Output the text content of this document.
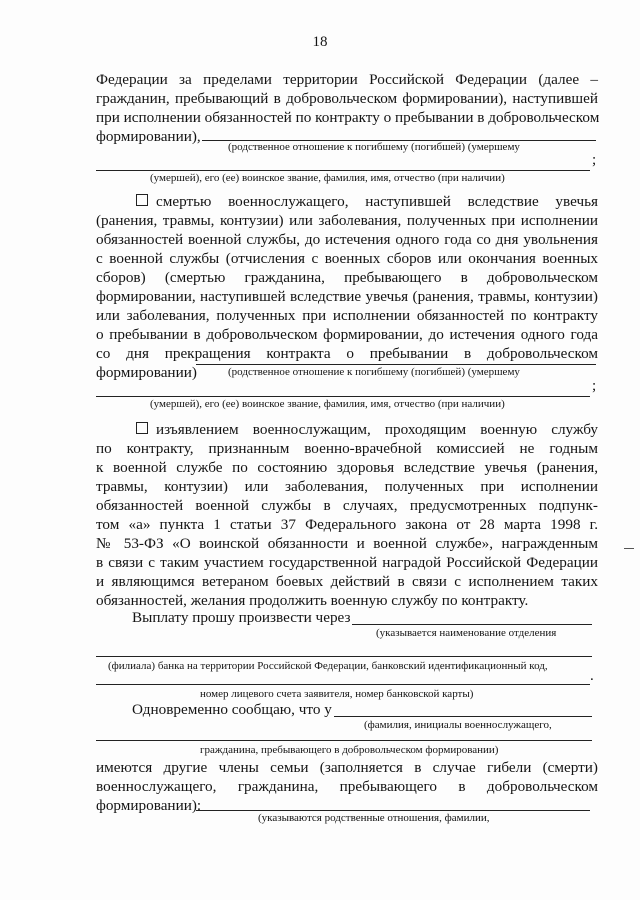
18
Федерации за пределами территории Российской Федерации (далее –
гражданин, пребывающий в добровольческом формировании), наступившей
при исполнении обязанностей по контракту о пребывании в добровольческом
формировании),
(родственное отношение к погибшему (погибшей) (умершему
;
(умершей), его (ее) воинское звание, фамилия, имя, отчество (при наличии)
смертью военнослужащего, наступившей вследствие увечья
(ранения, травмы, контузии) или заболевания, полученных при исполнении
обязанностей военной службы, до истечения одного года со дня увольнения
с военной службы (отчисления с военных сборов или окончания военных
сборов) (смертью гражданина, пребывающего в добровольческом
формировании, наступившей вследствие увечья (ранения, травмы, контузии)
или заболевания, полученных при исполнении обязанностей по контракту
о пребывании в добровольческом формировании, до истечения одного года
со дня прекращения контракта о пребывании в добровольческом
формировании)	(родственное отношение к погибшему (погибшей) (умершему
;
(умершей), его (ее) воинское звание, фамилия, имя, отчество (при наличии)
изъявлением военнослужащим, проходящим военную службу
по контракту, признанным военно-врачебной комиссией не годным
к военной службе по состоянию здоровья вследствие увечья (ранения,
травмы, контузии) или заболевания, полученных при исполнении
обязанностей военной службы в случаях, предусмотренных подпунк-
том «а» пункта 1 статьи 37 Федерального закона от 28 марта 1998 г.
№ 53-ФЗ «О воинской обязанности и военной службе», награжденным
в связи с таким участием государственной наградой Российской Федерации
и являющимся ветераном боевых действий в связи с исполнением таких
обязанностей, желания продолжить военную службу по контракту.
Выплату прошу произвести через
(указывается наименование отделения
(филиала) банка на территории Российской Федерации, банковский идентификационный код,
.
номер лицевого счета заявителя, номер банковской карты)
Одновременно сообщаю, что у
(фамилия, инициалы военнослужащего,
гражданина, пребывающего в добровольческом формировании)
имеются другие члены семьи (заполняется в случае гибели (смерти)
военнослужащего, гражданина, пребывающего в добровольческом
формировании):
(указываются родственные отношения, фамилии,
